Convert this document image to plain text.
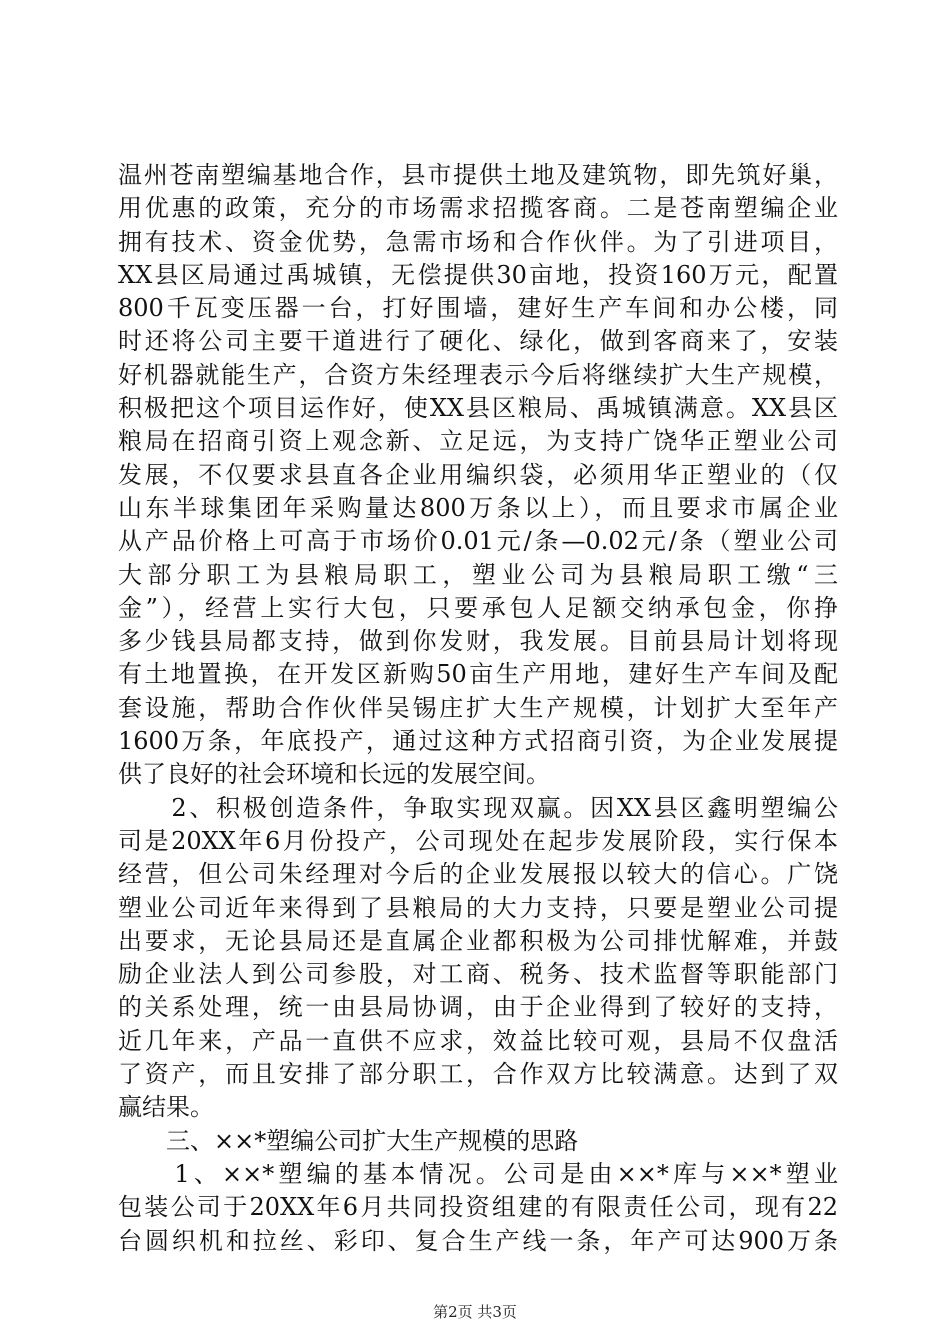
温州苍南塑编基地合作，县市提供土地及建筑物，即先筑好巢，
用优惠的政策，充分的市场需求招揽客商。二是苍南塑编企业
拥有技术、资金优势，急需市场和合作伙伴。为了引进项目，
XX县区局通过禹城镇，无偿提供30亩地，投资160万元，配置
800千瓦变压器一台，打好围墙，建好生产车间和办公楼，同
时还将公司主要干道进行了硬化、绿化，做到客商来了，安装
好机器就能生产，合资方朱经理表示今后将继续扩大生产规模，
积极把这个项目运作好，使XX县区粮局、禹城镇满意。XX县区
粮局在招商引资上观念新、立足远，为支持广饶华正塑业公司
发展，不仅要求县直各企业用编织袋，必须用华正塑业的（仅
山东半球集团年采购量达800万条以上），而且要求市属企业
从产品价格上可高于市场价0.01元/条—0.02元/条（塑业公司
大部分职工为县粮局职工，塑业公司为县粮局职工缴“三
金”），经营上实行大包，只要承包人足额交纳承包金，你挣
多少钱县局都支持，做到你发财，我发展。目前县局计划将现
有土地置换，在开发区新购50亩生产用地，建好生产车间及配
套设施，帮助合作伙伴吴锡庄扩大生产规模，计划扩大至年产
1600万条，年底投产，通过这种方式招商引资，为企业发展提
供了良好的社会环境和长远的发展空间。
　　2、积极创造条件，争取实现双赢。因XX县区鑫明塑编公
司是20XX年6月份投产，公司现处在起步发展阶段，实行保本
经营，但公司朱经理对今后的企业发展报以较大的信心。广饶
塑业公司近年来得到了县粮局的大力支持，只要是塑业公司提
出要求，无论县局还是直属企业都积极为公司排忧解难，并鼓
励企业法人到公司参股，对工商、税务、技术监督等职能部门
的关系处理，统一由县局协调，由于企业得到了较好的支持，
近几年来，产品一直供不应求，效益比较可观，县局不仅盘活
了资产，而且安排了部分职工，合作双方比较满意。达到了双
赢结果。
　　三、××*塑编公司扩大生产规模的思路
　　1、××*塑编的基本情况。公司是由××*库与××*塑业
包装公司于20XX年6月共同投资组建的有限责任公司，现有22
台圆织机和拉丝、彩印、复合生产线一条，年产可达900万条
第2页 共3页
